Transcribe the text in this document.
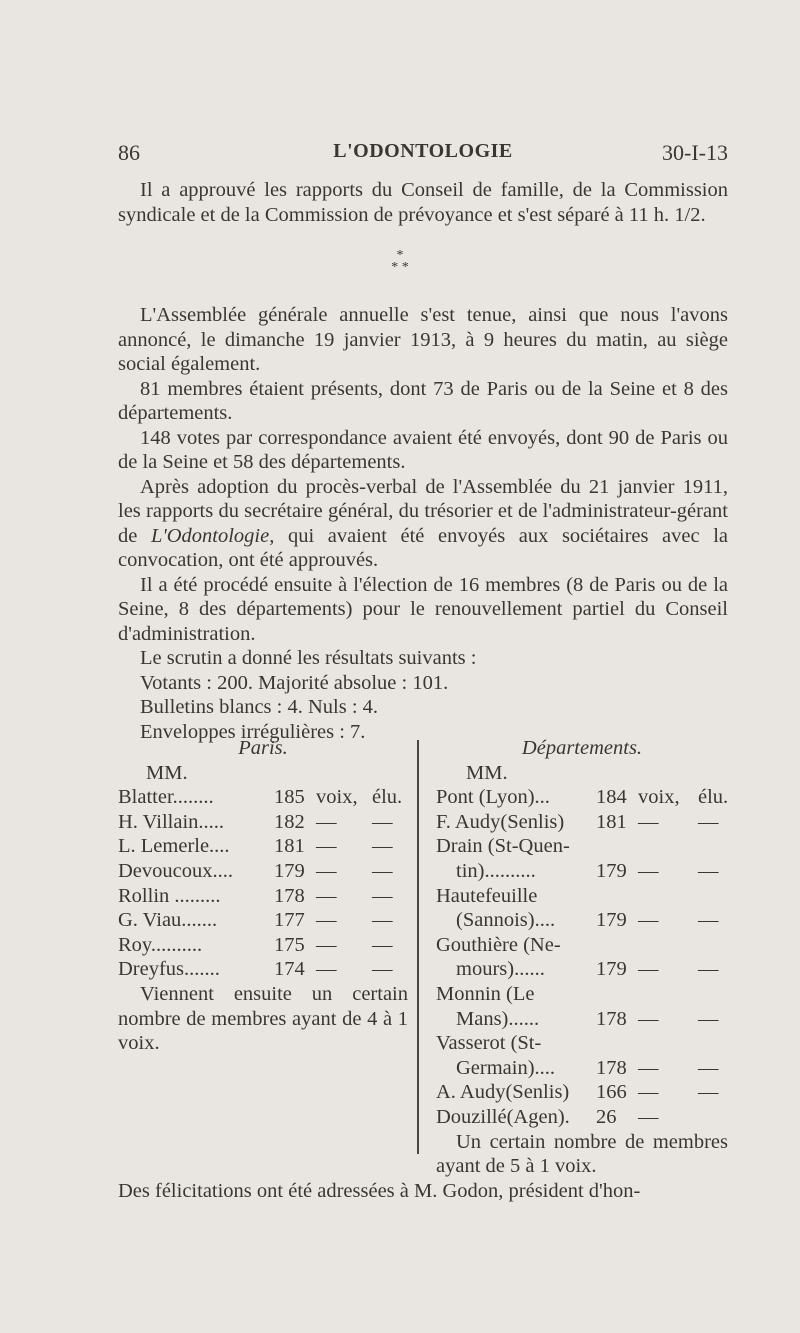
86	L'ODONTOLOGIE	30-I-13

Il a approuvé les rapports du Conseil de famille, de la Commission syndicale et de la Commission de prévoyance et s'est séparé à 11 h. 1/2.

*
* *

L'Assemblée générale annuelle s'est tenue, ainsi que nous l'avons annoncé, le dimanche 19 janvier 1913, à 9 heures du matin, au siège social également.

81 membres étaient présents, dont 73 de Paris ou de la Seine et 8 des départements.

148 votes par correspondance avaient été envoyés, dont 90 de Paris ou de la Seine et 58 des départements.

Après adoption du procès-verbal de l'Assemblée du 21 janvier 1911, les rapports du secrétaire général, du trésorier et de l'administrateur-gérant de L'Odontologie, qui avaient été envoyés aux sociétaires avec la convocation, ont été approuvés.

Il a été procédé ensuite à l'élection de 16 membres (8 de Paris ou de la Seine, 8 des départements) pour le renouvellement partiel du Conseil d'administration.

Le scrutin a donné les résultats suivants :

Votants : 200. Majorité absolue : 101.

Bulletins blancs : 4. Nuls : 4.

Enveloppes irrégulières : 7.

Paris.
MM.
Blatter........	185 voix, élu.
H. Villain..... 182 — —
L. Lemerle.... 181 — —
Devoucoux.... 179 — —
Rollin .........	178 — —
G. Viau.......	177 — —
Roy..........	175 — —
Dreyfus.......	174 — —
Viennent ensuite un certain nombre de membres ayant de 4 à 1 voix.
Départements.
MM.
Pont (Lyon)... 184 voix, élu.
F. Audy(Senlis) 181 — —
Drain (St-Quen-
tin)..........	179 — —
Hautefeuille
(Sannois).... 179 — —
Gouthière (Ne-
mours)...... 179 — —
Monnin (Le
Mans)......	178 — —
Vasserot (St-
Germain).... 178 — —
A. Audy(Senlis) 166 — —
Douzillé(Agen). 26 —
Un certain nombre de membres ayant de 5 à 1 voix.
Des félicitations ont été adressées à M. Godon, président d'hon-
